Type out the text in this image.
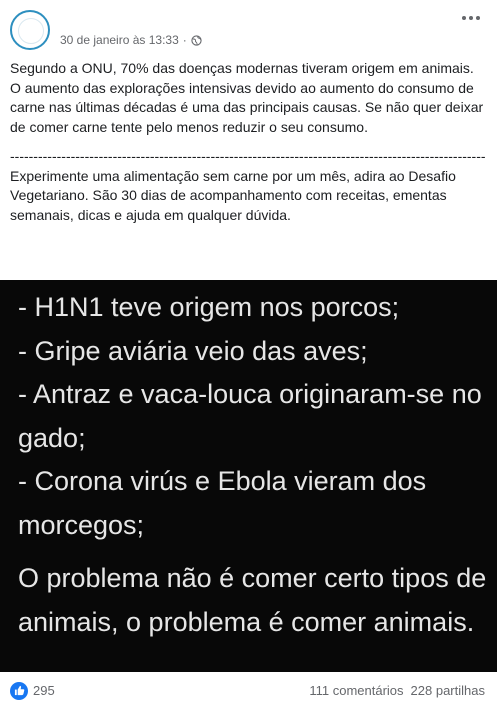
30 de janeiro às 13:33 ·

Segundo a ONU, 70% das doenças modernas tiveram origem em animais.

O aumento das explorações intensivas devido ao aumento do consumo de carne nas últimas décadas é uma das principais causas. Se não quer deixar de comer carne tente pelo menos reduzir o seu consumo.

------------------------------------------------------------------------------------------------------

Experimente uma alimentação sem carne por um mês, adira ao Desafio Vegetariano. São 30 dias de acompanhamento com receitas, ementas semanais, dicas e ajuda em qualquer dúvida.

- H1N1 teve origem nos porcos;

- Gripe aviária veio das aves;

- Antraz e vaca-louca originaram-se no gado;

- Corona virús e Ebola vieram dos morcegos;

O problema não é comer certo tipos de animais, o problema é comer animais.

295	111 comentários 228 partilhas
